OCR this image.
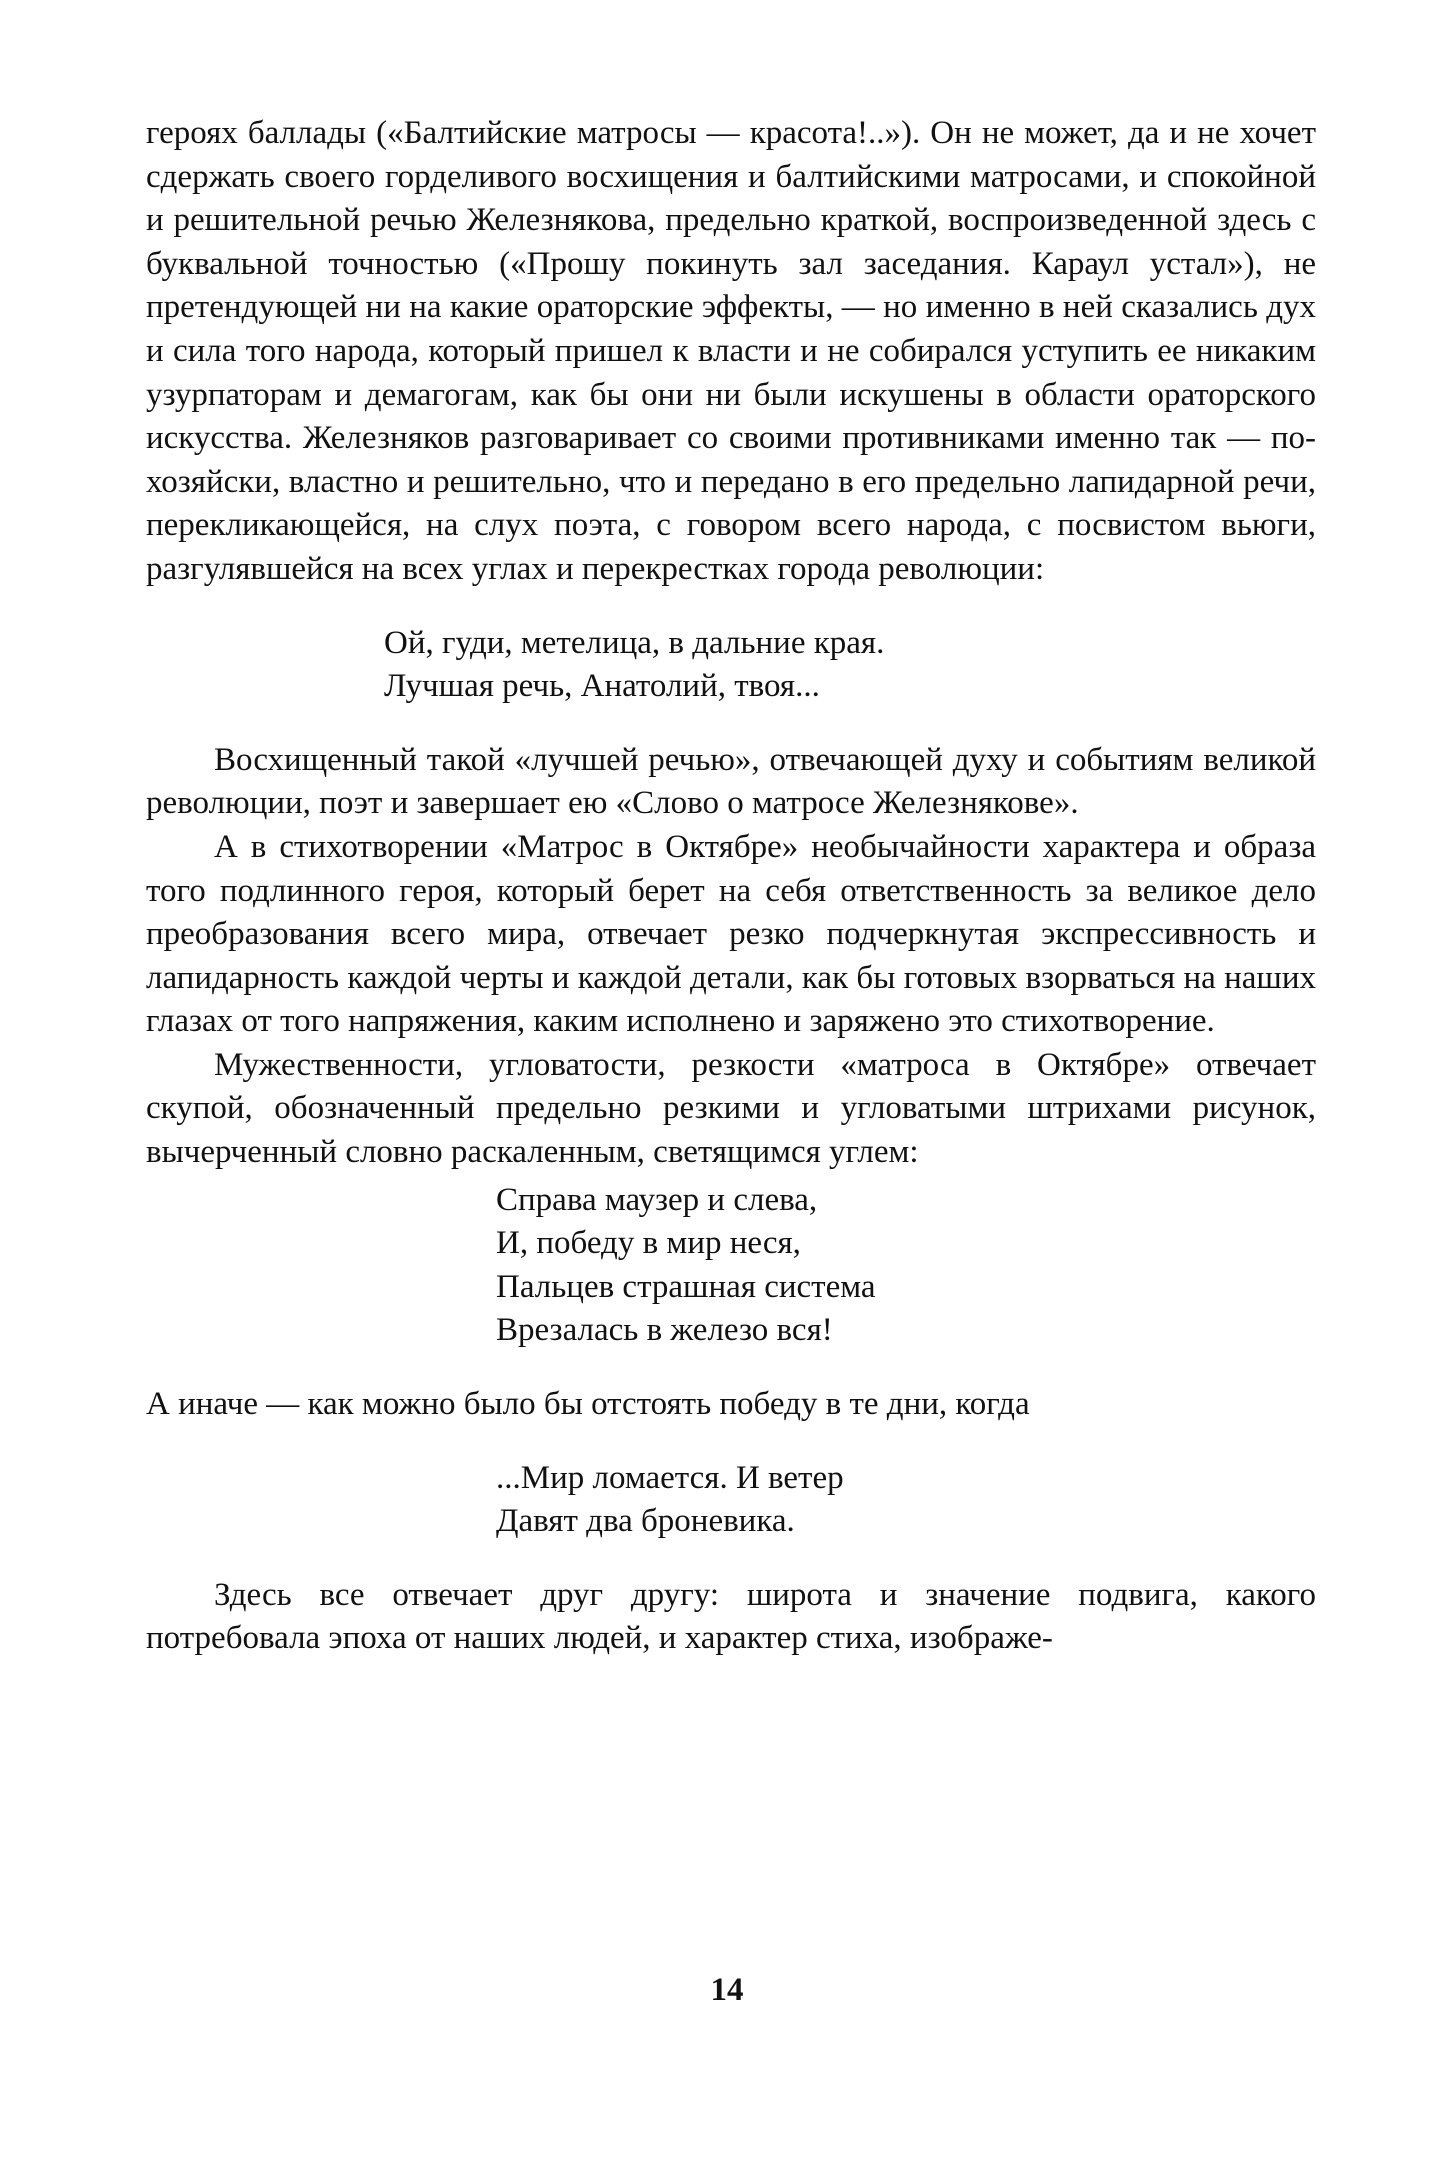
героях баллады («Балтийские матросы — красота!..»). Он не может, да и не хочет сдержать своего горделивого восхищения и балтийскими матросами, и спокойной и решительной речью Железнякова, предельно краткой, воспроизведенной здесь с буквальной точностью («Прошу покинуть зал заседания. Караул устал»), не претендующей ни на какие ораторские эффекты, — но именно в ней сказались дух и сила того народа, который пришел к власти и не собирался уступить ее никаким узурпаторам и демагогам, как бы они ни были искушены в области ораторского искусства. Железняков разговаривает со своими противниками именно так — по-хозяйски, властно и решительно, что и передано в его предельно лапидарной речи, перекликающейся, на слух поэта, с говором всего народа, с посвистом вьюги, разгулявшейся на всех углах и перекрестках города революции:

Ой, гуди, метелица, в дальние края.
Лучшая речь, Анатолий, твоя...

Восхищенный такой «лучшей речью», отвечающей духу и событиям великой революции, поэт и завершает ею «Слово о матросе Железнякове».

А в стихотворении «Матрос в Октябре» необычайности характера и образа того подлинного героя, который берет на себя ответственность за великое дело преобразования всего мира, отвечает резко подчеркнутая экспрессивность и лапидарность каждой черты и каждой детали, как бы готовых взорваться на наших глазах от того напряжения, каким исполнено и заряжено это стихотворение.

Мужественности, угловатости, резкости «матроса в Октябре» отвечает скупой, обозначенный предельно резкими и угловатыми штрихами рисунок, вычерченный словно раскаленным, светящимся углем:

Справа маузер и слева,
И, победу в мир неся,
Пальцев страшная система
Врезалась в железо вся!

А иначе — как можно было бы отстоять победу в те дни, когда

...Мир ломается. И ветер
Давят два броневика.

Здесь все отвечает друг другу: широта и значение подвига, какого потребовала эпоха от наших людей, и характер стиха, изображе-

14
